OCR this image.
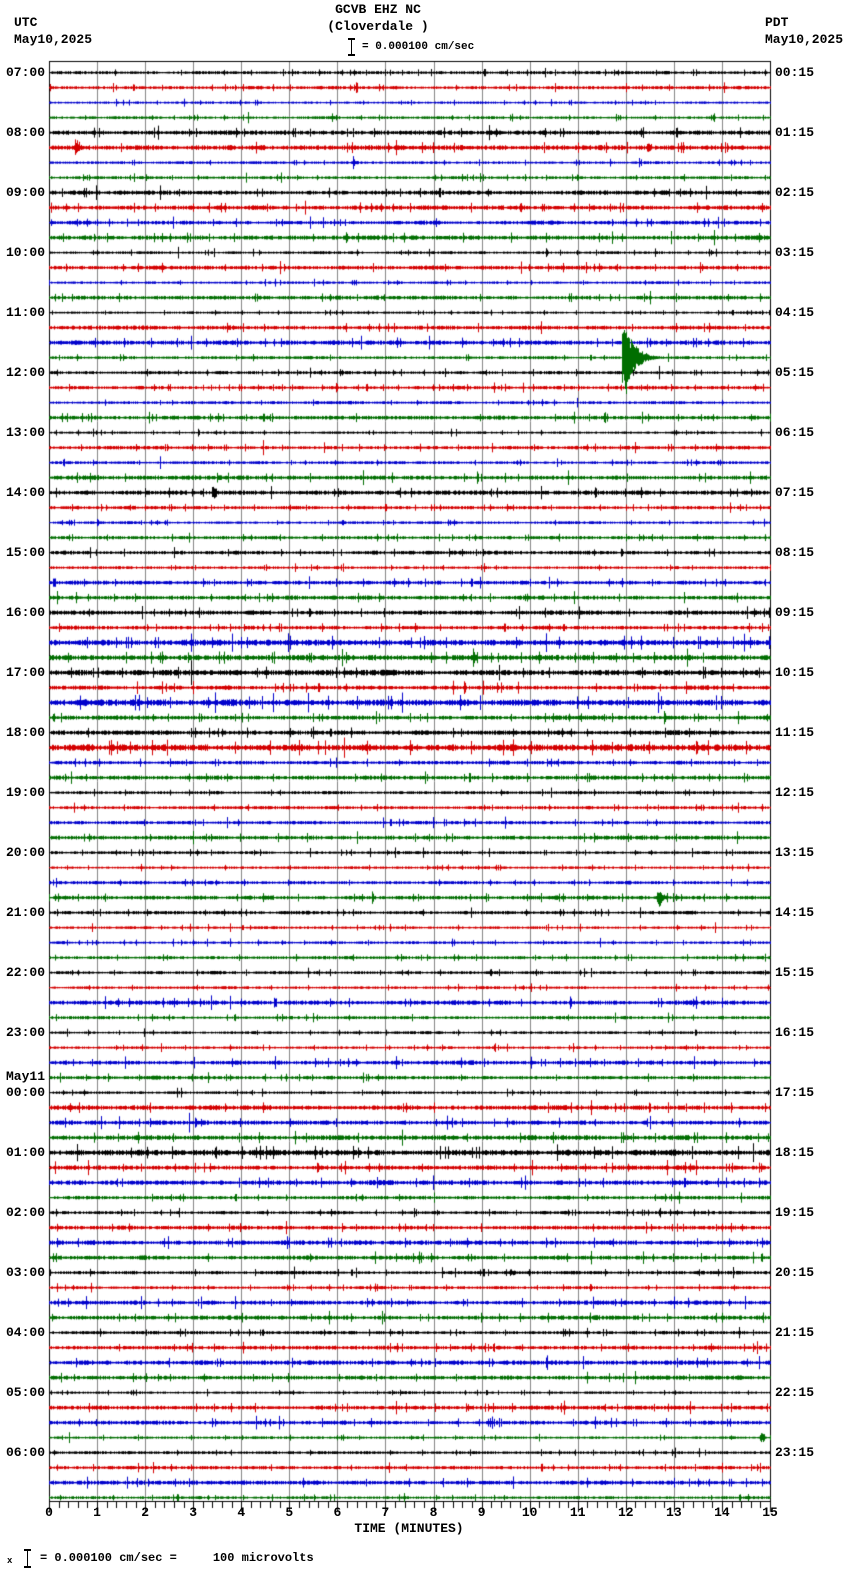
GCVB EHZ NC
(Cloverdale )
UTC
May10,2025
PDT
May10,2025
= 0.000100 cm/sec
07:00
08:00
09:00
10:00
11:00
12:00
13:00
14:00
15:00
16:00
17:00
18:00
19:00
20:00
21:00
22:00
23:00
May11
00:00
01:00
02:00
03:00
04:00
05:00
06:00
00:15
01:15
02:15
03:15
04:15
05:15
06:15
07:15
08:15
09:15
10:15
11:15
12:15
13:15
14:15
15:15
16:15
17:15
18:15
19:15
20:15
21:15
22:15
23:15
0	1	2	3	4	5	6	7	8	9	10 11 12 13 14 15
TIME (MINUTES)
x = 0.000100 cm/sec =     100 microvolts
